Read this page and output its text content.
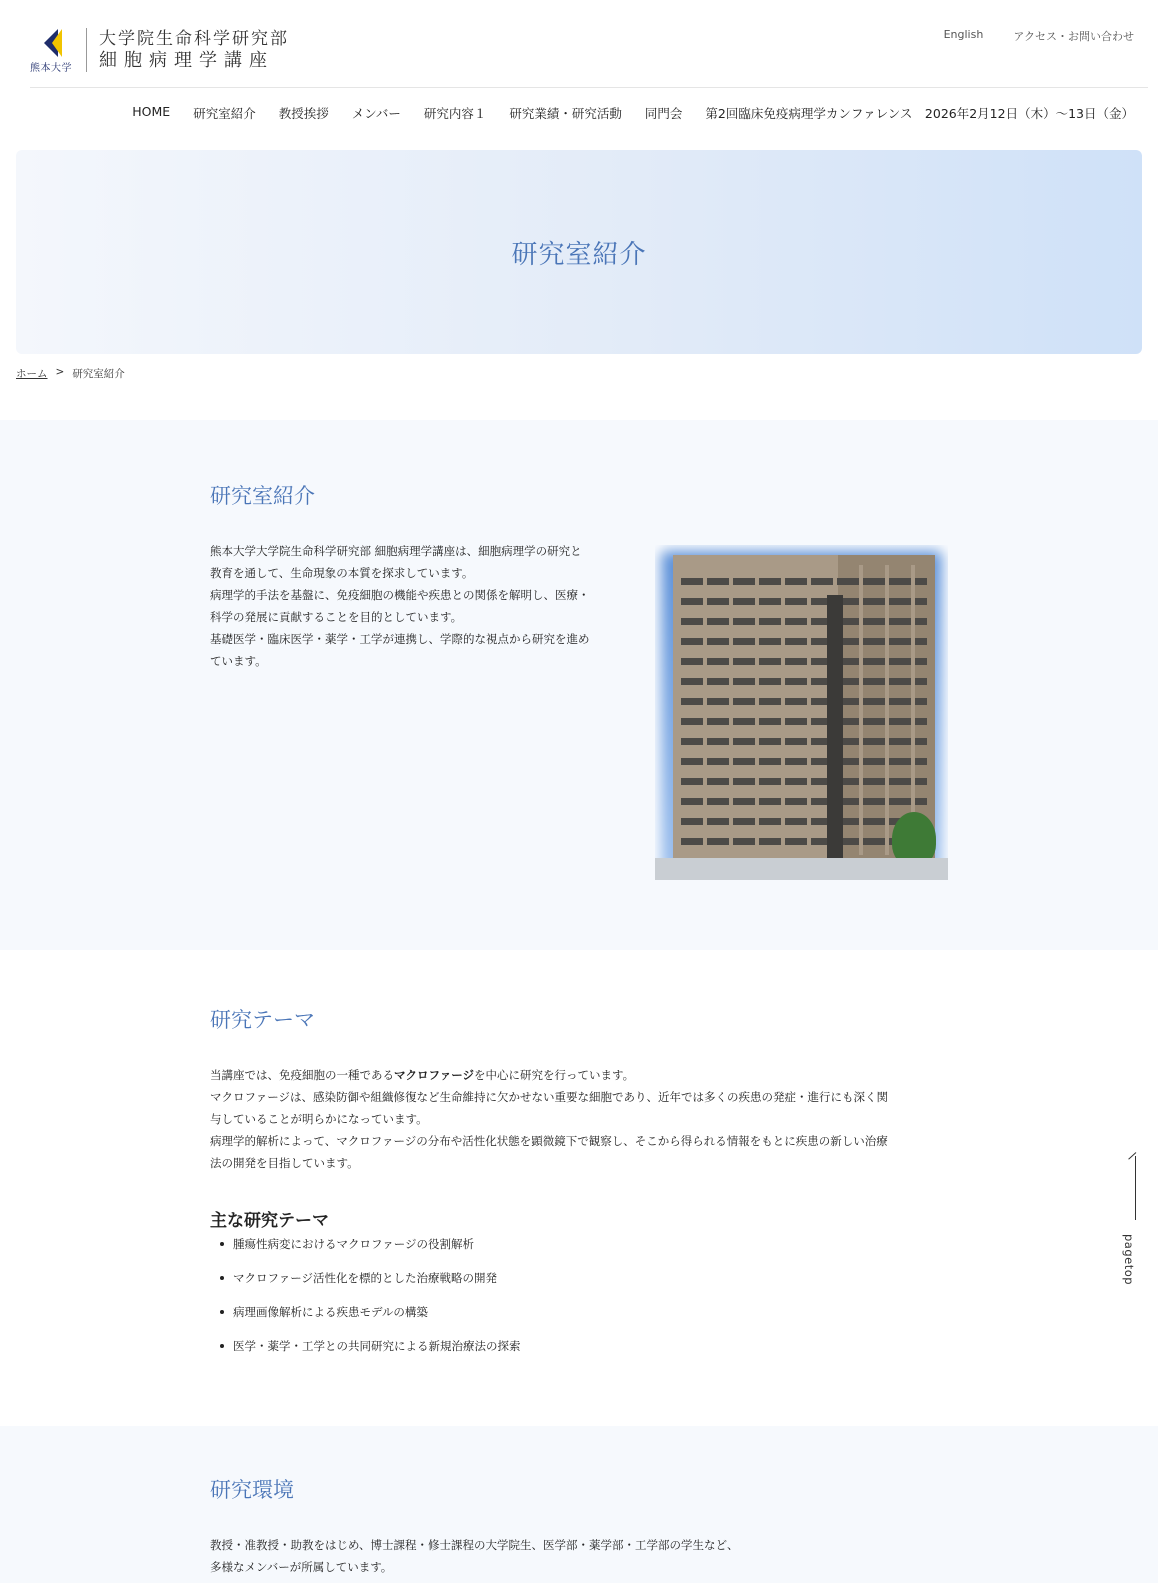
熊本大学
大学院生命科学研究部
細胞病理学講座
English	アクセス・お問い合わせ
HOME 研究室紹介 教授挨拶 メンバー 研究内容１ 研究業績・研究活動 同門会 第2回臨床免疫病理学カンファレンス　2026年2月12日（木）〜13日（金）
研究室紹介
ホーム > 研究室紹介
研究室紹介
熊本大学大学院生命科学研究部 細胞病理学講座は、細胞病理学の研究と
教育を通して、生命現象の本質を探求しています。
病理学的手法を基盤に、免疫細胞の機能や疾患との関係を解明し、医療・
科学の発展に貢献することを目的としています。
基礎医学・臨床医学・薬学・工学が連携し、学際的な視点から研究を進め
ています。
研究テーマ
当講座では、免疫細胞の一種であるマクロファージを中心に研究を行っています。
マクロファージは、感染防御や組織修復など生命維持に欠かせない重要な細胞であり、近年では多くの疾患の発症・進行にも深く関
与していることが明らかになっています。
病理学的解析によって、マクロファージの分布や活性化状態を顕微鏡下で観察し、そこから得られる情報をもとに疾患の新しい治療
法の開発を目指しています。
主な研究テーマ
腫瘍性病変におけるマクロファージの役割解析
マクロファージ活性化を標的とした治療戦略の開発
病理画像解析による疾患モデルの構築
医学・薬学・工学との共同研究による新規治療法の探索
研究環境
教授・准教授・助教をはじめ、博士課程・修士課程の大学院生、医学部・薬学部・工学部の学生など、
多様なメンバーが所属しています。
pagetop
